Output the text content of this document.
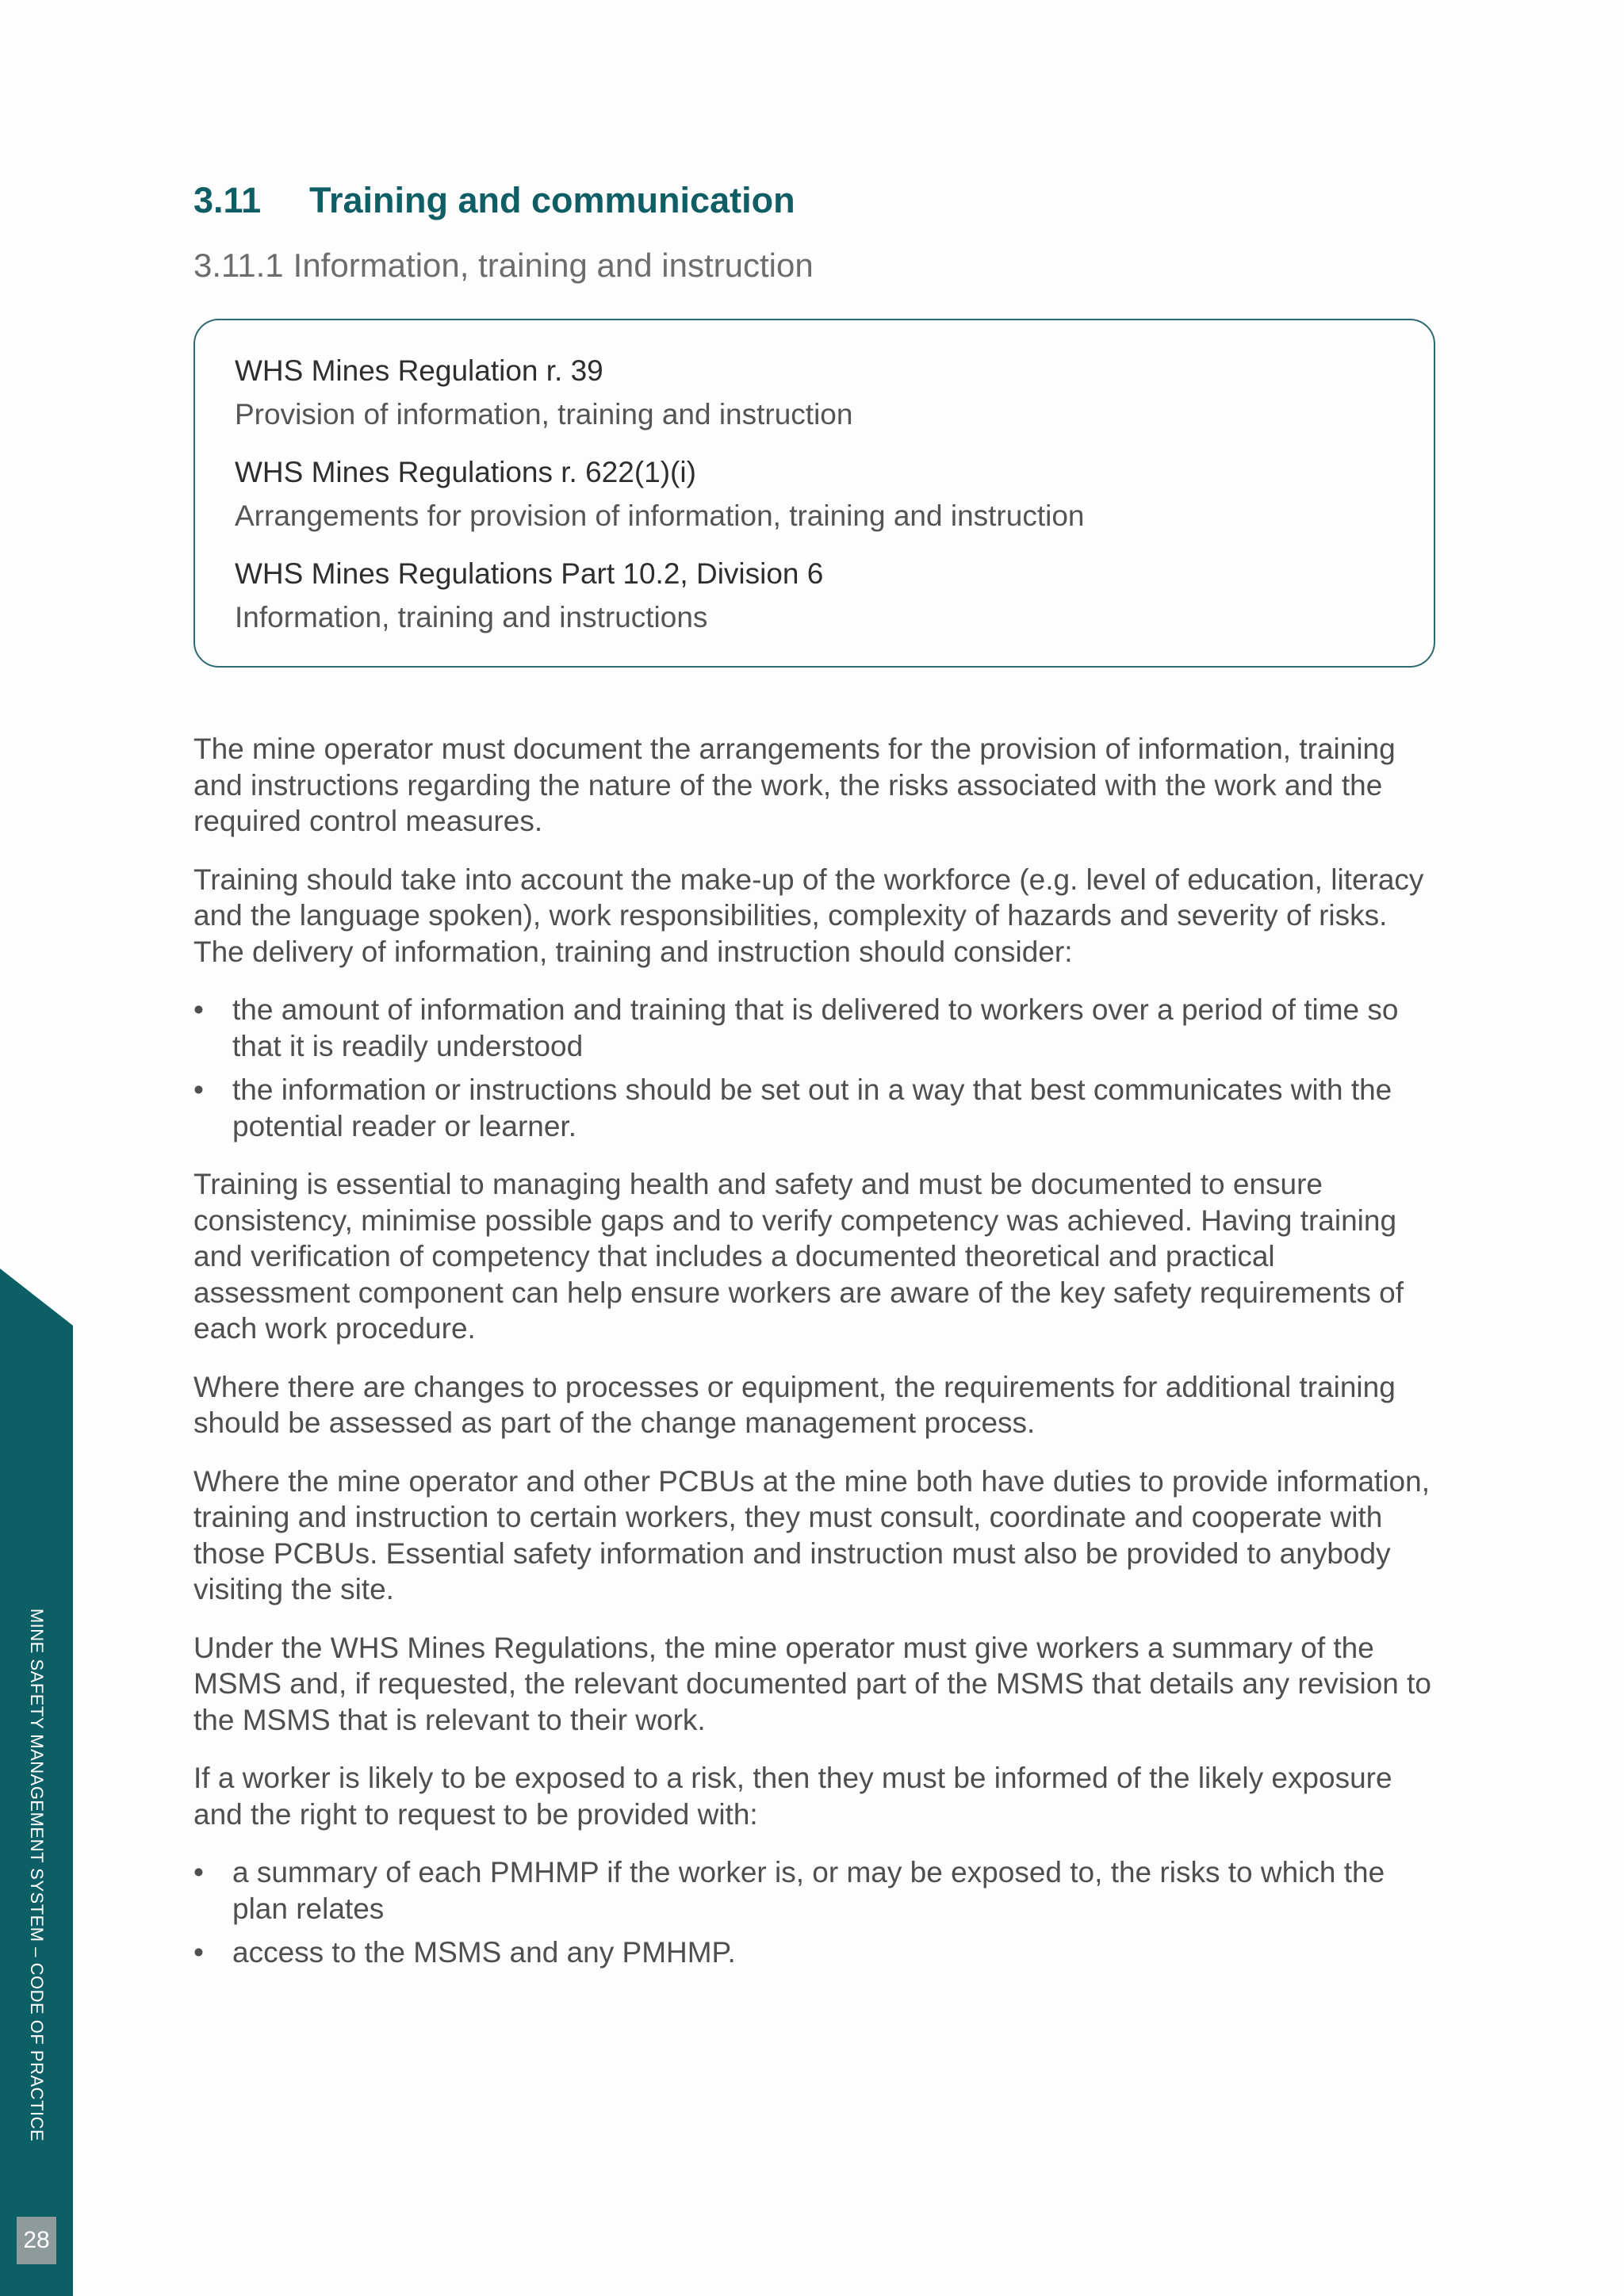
MINE SAFETY MANAGEMENT SYSTEM – CODE OF PRACTICE
28
3.11	Training and communication
3.11.1 Information, training and instruction
WHS Mines Regulation r. 39
Provision of information, training and instruction
WHS Mines Regulations r. 622(1)(i)
Arrangements for provision of information, training and instruction
WHS Mines Regulations Part 10.2, Division 6
Information, training and instructions

The mine operator must document the arrangements for the provision of information, training and instructions regarding the nature of the work, the risks associated with the work and the required control measures.

Training should take into account the make-up of the workforce (e.g. level of education, literacy and the language spoken), work responsibilities, complexity of hazards and severity of risks. The delivery of information, training and instruction should consider:

• the amount of information and training that is delivered to workers over a period of time so that it is readily understood
• the information or instructions should be set out in a way that best communicates with the potential reader or learner.

Training is essential to managing health and safety and must be documented to ensure consistency, minimise possible gaps and to verify competency was achieved. Having training and verification of competency that includes a documented theoretical and practical assessment component can help ensure workers are aware of the key safety requirements of each work procedure.

Where there are changes to processes or equipment, the requirements for additional training should be assessed as part of the change management process.

Where the mine operator and other PCBUs at the mine both have duties to provide information, training and instruction to certain workers, they must consult, coordinate and cooperate with those PCBUs. Essential safety information and instruction must also be provided to anybody visiting the site.

Under the WHS Mines Regulations, the mine operator must give workers a summary of the MSMS and, if requested, the relevant documented part of the MSMS that details any revision to the MSMS that is relevant to their work.

If a worker is likely to be exposed to a risk, then they must be informed of the likely exposure and the right to request to be provided with:

• a summary of each PMHMP if the worker is, or may be exposed to, the risks to which the plan relates
• access to the MSMS and any PMHMP.
